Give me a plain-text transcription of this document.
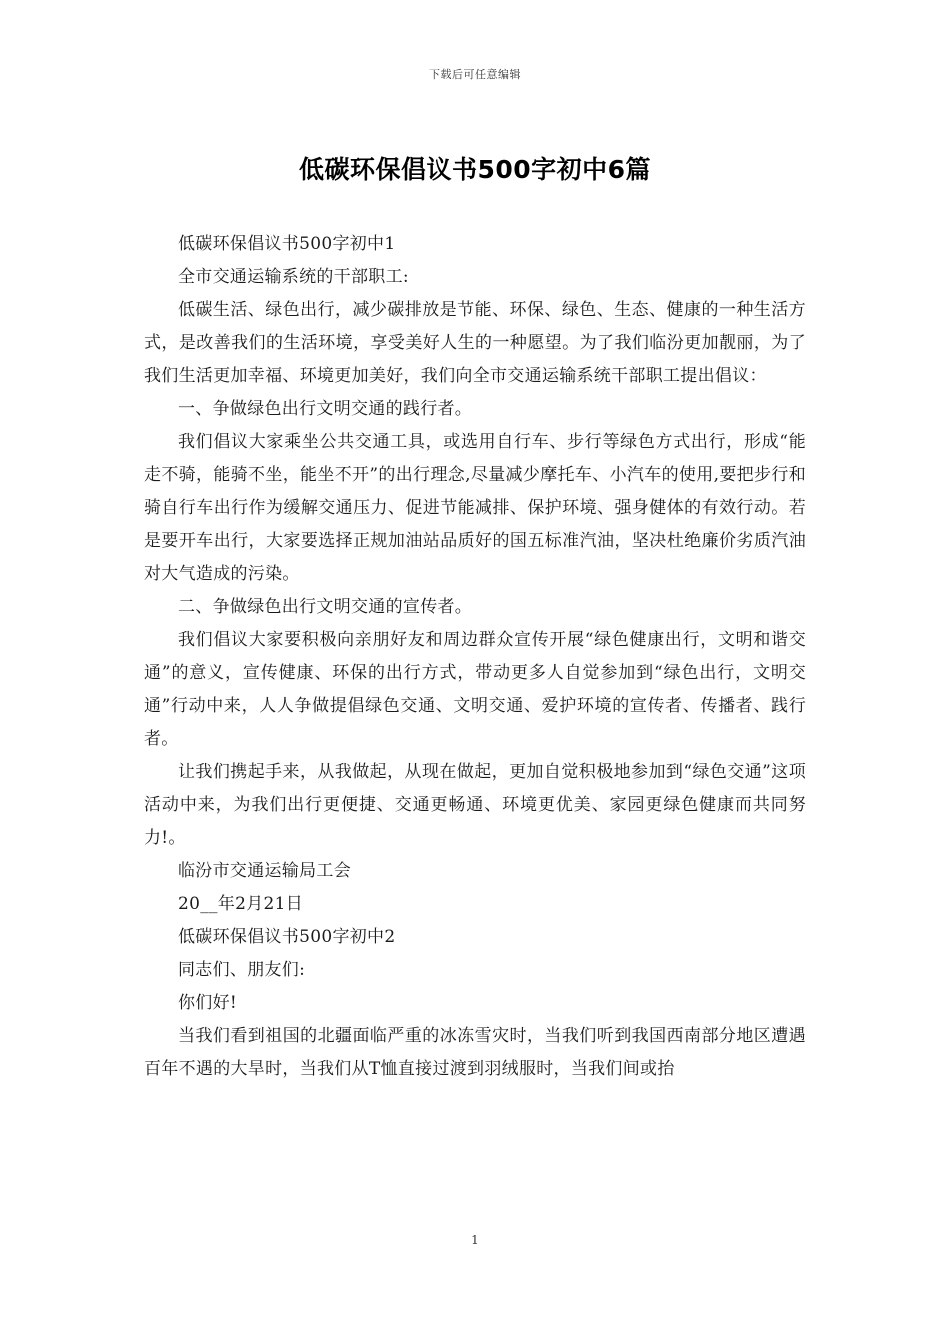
下载后可任意编辑
低碳环保倡议书500字初中6篇

低碳环保倡议书500字初中1

全市交通运输系统的干部职工:

低碳生活、绿色出行，减少碳排放是节能、环保、绿色、生态、健康的一种生活方式，是改善我们的生活环境，享受美好人生的一种愿望。为了我们临汾更加靓丽，为了我们生活更加幸福、环境更加美好，我们向全市交通运输系统干部职工提出倡议：

一、争做绿色出行文明交通的践行者。

我们倡议大家乘坐公共交通工具，或选用自行车、步行等绿色方式出行，形成“能走不骑，能骑不坐，能坐不开”的出行理念,尽量减少摩托车、小汽车的使用,要把步行和骑自行车出行作为缓解交通压力、促进节能减排、保护环境、强身健体的有效行动。若是要开车出行，大家要选择正规加油站品质好的国五标准汽油，坚决杜绝廉价劣质汽油对大气造成的污染。

二、争做绿色出行文明交通的宣传者。

我们倡议大家要积极向亲朋好友和周边群众宣传开展“绿色健康出行，文明和谐交通”的意义，宣传健康、环保的出行方式，带动更多人自觉参加到“绿色出行，文明交通”行动中来，人人争做提倡绿色交通、文明交通、爱护环境的宣传者、传播者、践行者。

让我们携起手来，从我做起，从现在做起，更加自觉积极地参加到“绿色交通”这项活动中来，为我们出行更便捷、交通更畅通、环境更优美、家园更绿色健康而共同努力!。

临汾市交通运输局工会

20__年2月21日

低碳环保倡议书500字初中2

同志们、朋友们:

你们好!

当我们看到祖国的北疆面临严重的冰冻雪灾时，当我们听到我国西南部分地区遭遇百年不遇的大旱时，当我们从T恤直接过渡到羽绒服时，当我们间或抬

1
